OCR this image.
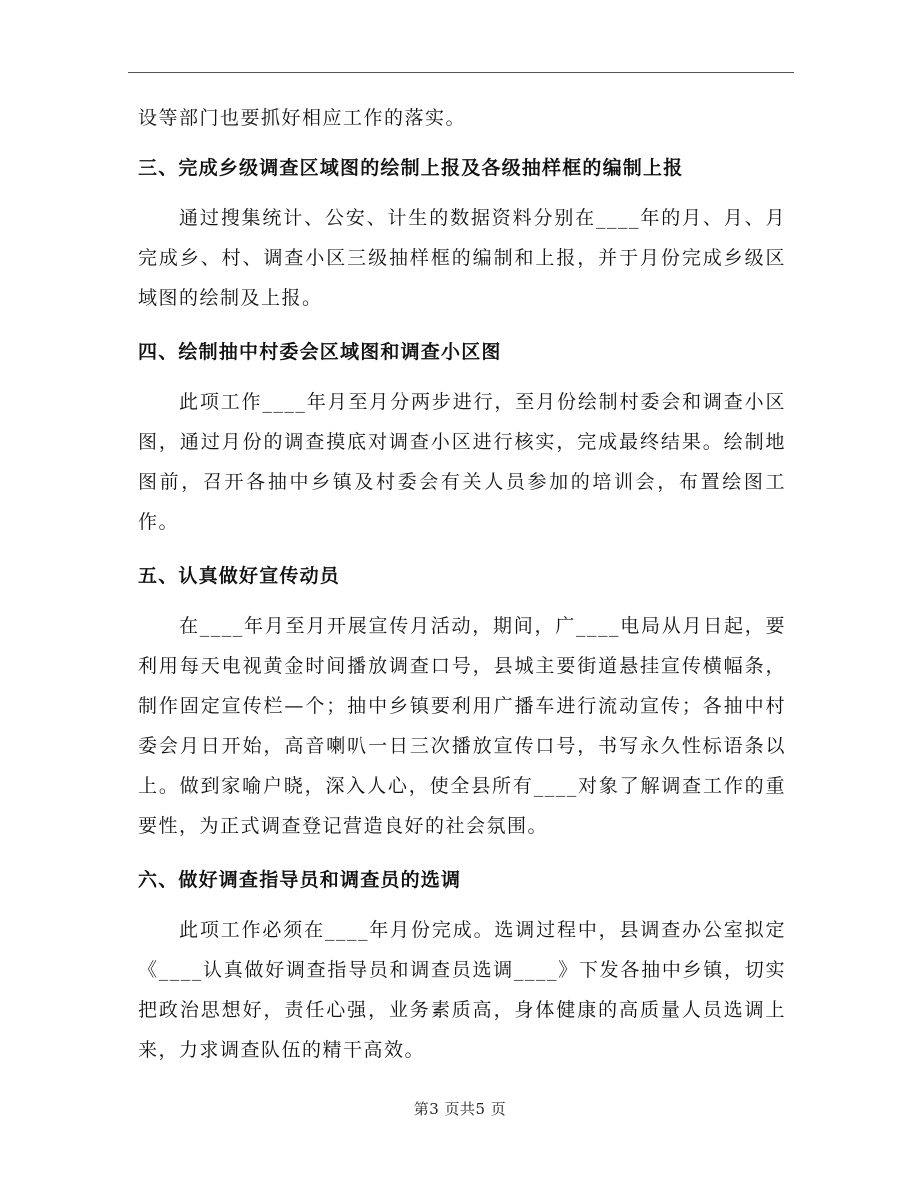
设等部门也要抓好相应工作的落实。

三、完成乡级调查区域图的绘制上报及各级抽样框的编制上报

通过搜集统计、公安、计生的数据资料分别在____年的月、月、月完成乡、村、调查小区三级抽样框的编制和上报，并于月份完成乡级区域图的绘制及上报。

四、绘制抽中村委会区域图和调查小区图

此项工作____年月至月分两步进行，至月份绘制村委会和调查小区图，通过月份的调查摸底对调查小区进行核实，完成最终结果。绘制地图前，召开各抽中乡镇及村委会有关人员参加的培训会，布置绘图工作。

五、认真做好宣传动员

在____年月至月开展宣传月活动，期间，广____电局从月日起，要利用每天电视黄金时间播放调查口号，县城主要街道悬挂宣传横幅条，制作固定宣传栏—个；抽中乡镇要利用广播车进行流动宣传；各抽中村委会月日开始，高音喇叭一日三次播放宣传口号，书写永久性标语条以上。做到家喻户晓，深入人心，使全县所有____对象了解调查工作的重要性，为正式调查登记营造良好的社会氛围。

六、做好调查指导员和调查员的选调

此项工作必须在____年月份完成。选调过程中，县调查办公室拟定《____认真做好调查指导员和调查员选调____》下发各抽中乡镇，切实把政治思想好，责任心强，业务素质高，身体健康的高质量人员选调上来，力求调查队伍的精干高效。

第3 页共5 页
